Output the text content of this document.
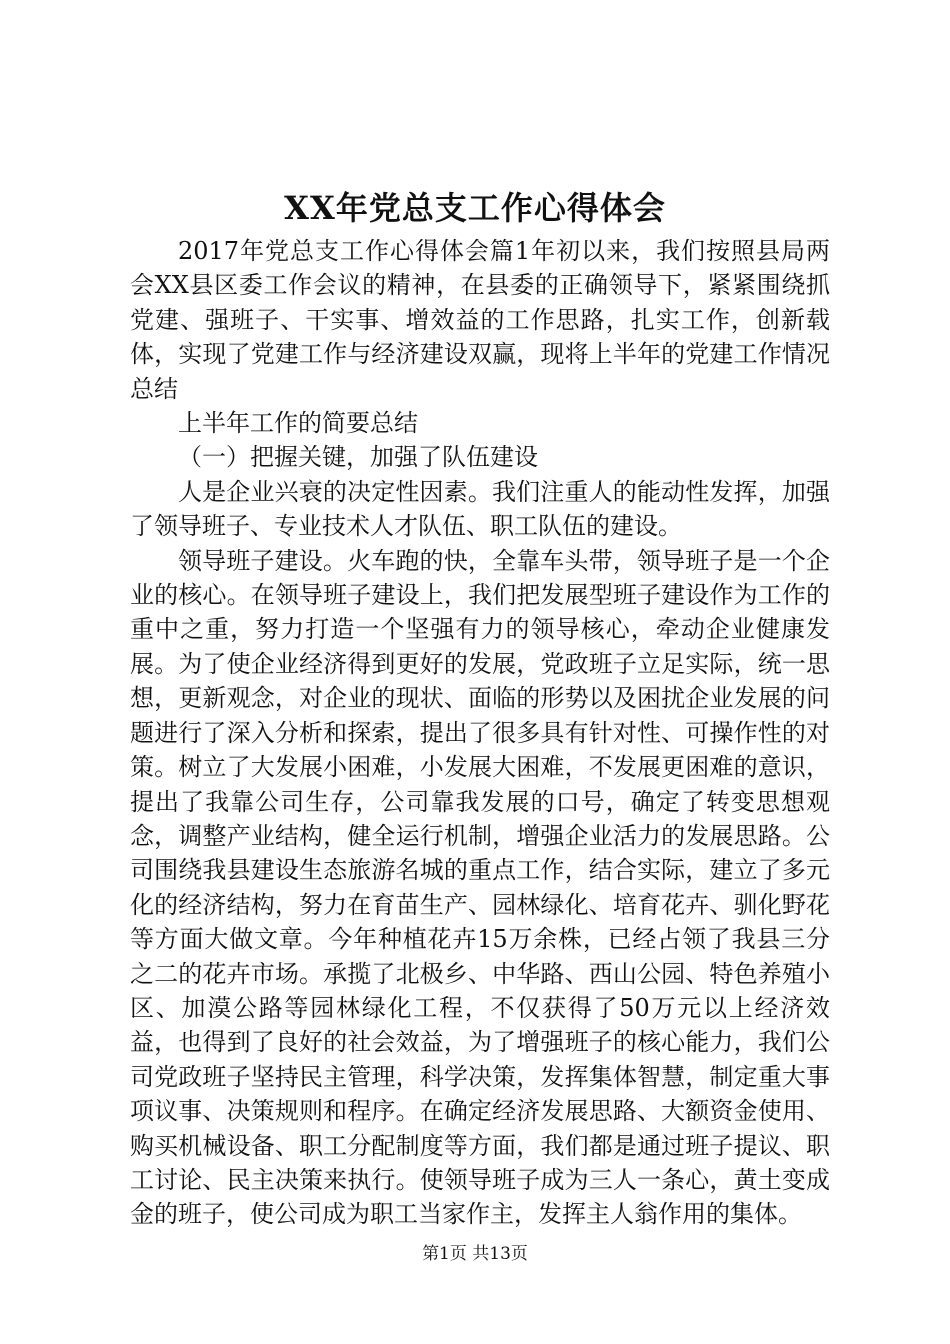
XX年党总支工作心得体会

2017年党总支工作心得体会篇1年初以来，我们按照县局两会XX县区委工作会议的精神，在县委的正确领导下，紧紧围绕抓党建、强班子、干实事、增效益的工作思路，扎实工作，创新载体，实现了党建工作与经济建设双赢，现将上半年的党建工作情况总结

上半年工作的简要总结

（一）把握关键，加强了队伍建设

人是企业兴衰的决定性因素。我们注重人的能动性发挥，加强了领导班子、专业技术人才队伍、职工队伍的建设。

领导班子建设。火车跑的快，全靠车头带，领导班子是一个企业的核心。在领导班子建设上，我们把发展型班子建设作为工作的重中之重，努力打造一个坚强有力的领导核心，牵动企业健康发展。为了使企业经济得到更好的发展，党政班子立足实际，统一思想，更新观念，对企业的现状、面临的形势以及困扰企业发展的问题进行了深入分析和探索，提出了很多具有针对性、可操作性的对策。树立了大发展小困难，小发展大困难，不发展更困难的意识，提出了我靠公司生存，公司靠我发展的口号，确定了转变思想观念，调整产业结构，健全运行机制，增强企业活力的发展思路。公司围绕我县建设生态旅游名城的重点工作，结合实际，建立了多元化的经济结构，努力在育苗生产、园林绿化、培育花卉、驯化野花等方面大做文章。今年种植花卉15万余株，已经占领了我县三分之二的花卉市场。承揽了北极乡、中华路、西山公园、特色养殖小区、加漠公路等园林绿化工程，不仅获得了50万元以上经济效益，也得到了良好的社会效益，为了增强班子的核心能力，我们公司党政班子坚持民主管理，科学决策，发挥集体智慧，制定重大事项议事、决策规则和程序。在确定经济发展思路、大额资金使用、购买机械设备、职工分配制度等方面，我们都是通过班子提议、职工讨论、民主决策来执行。使领导班子成为三人一条心，黄土变成金的班子，使公司成为职工当家作主，发挥主人翁作用的集体。

第1页 共13页
